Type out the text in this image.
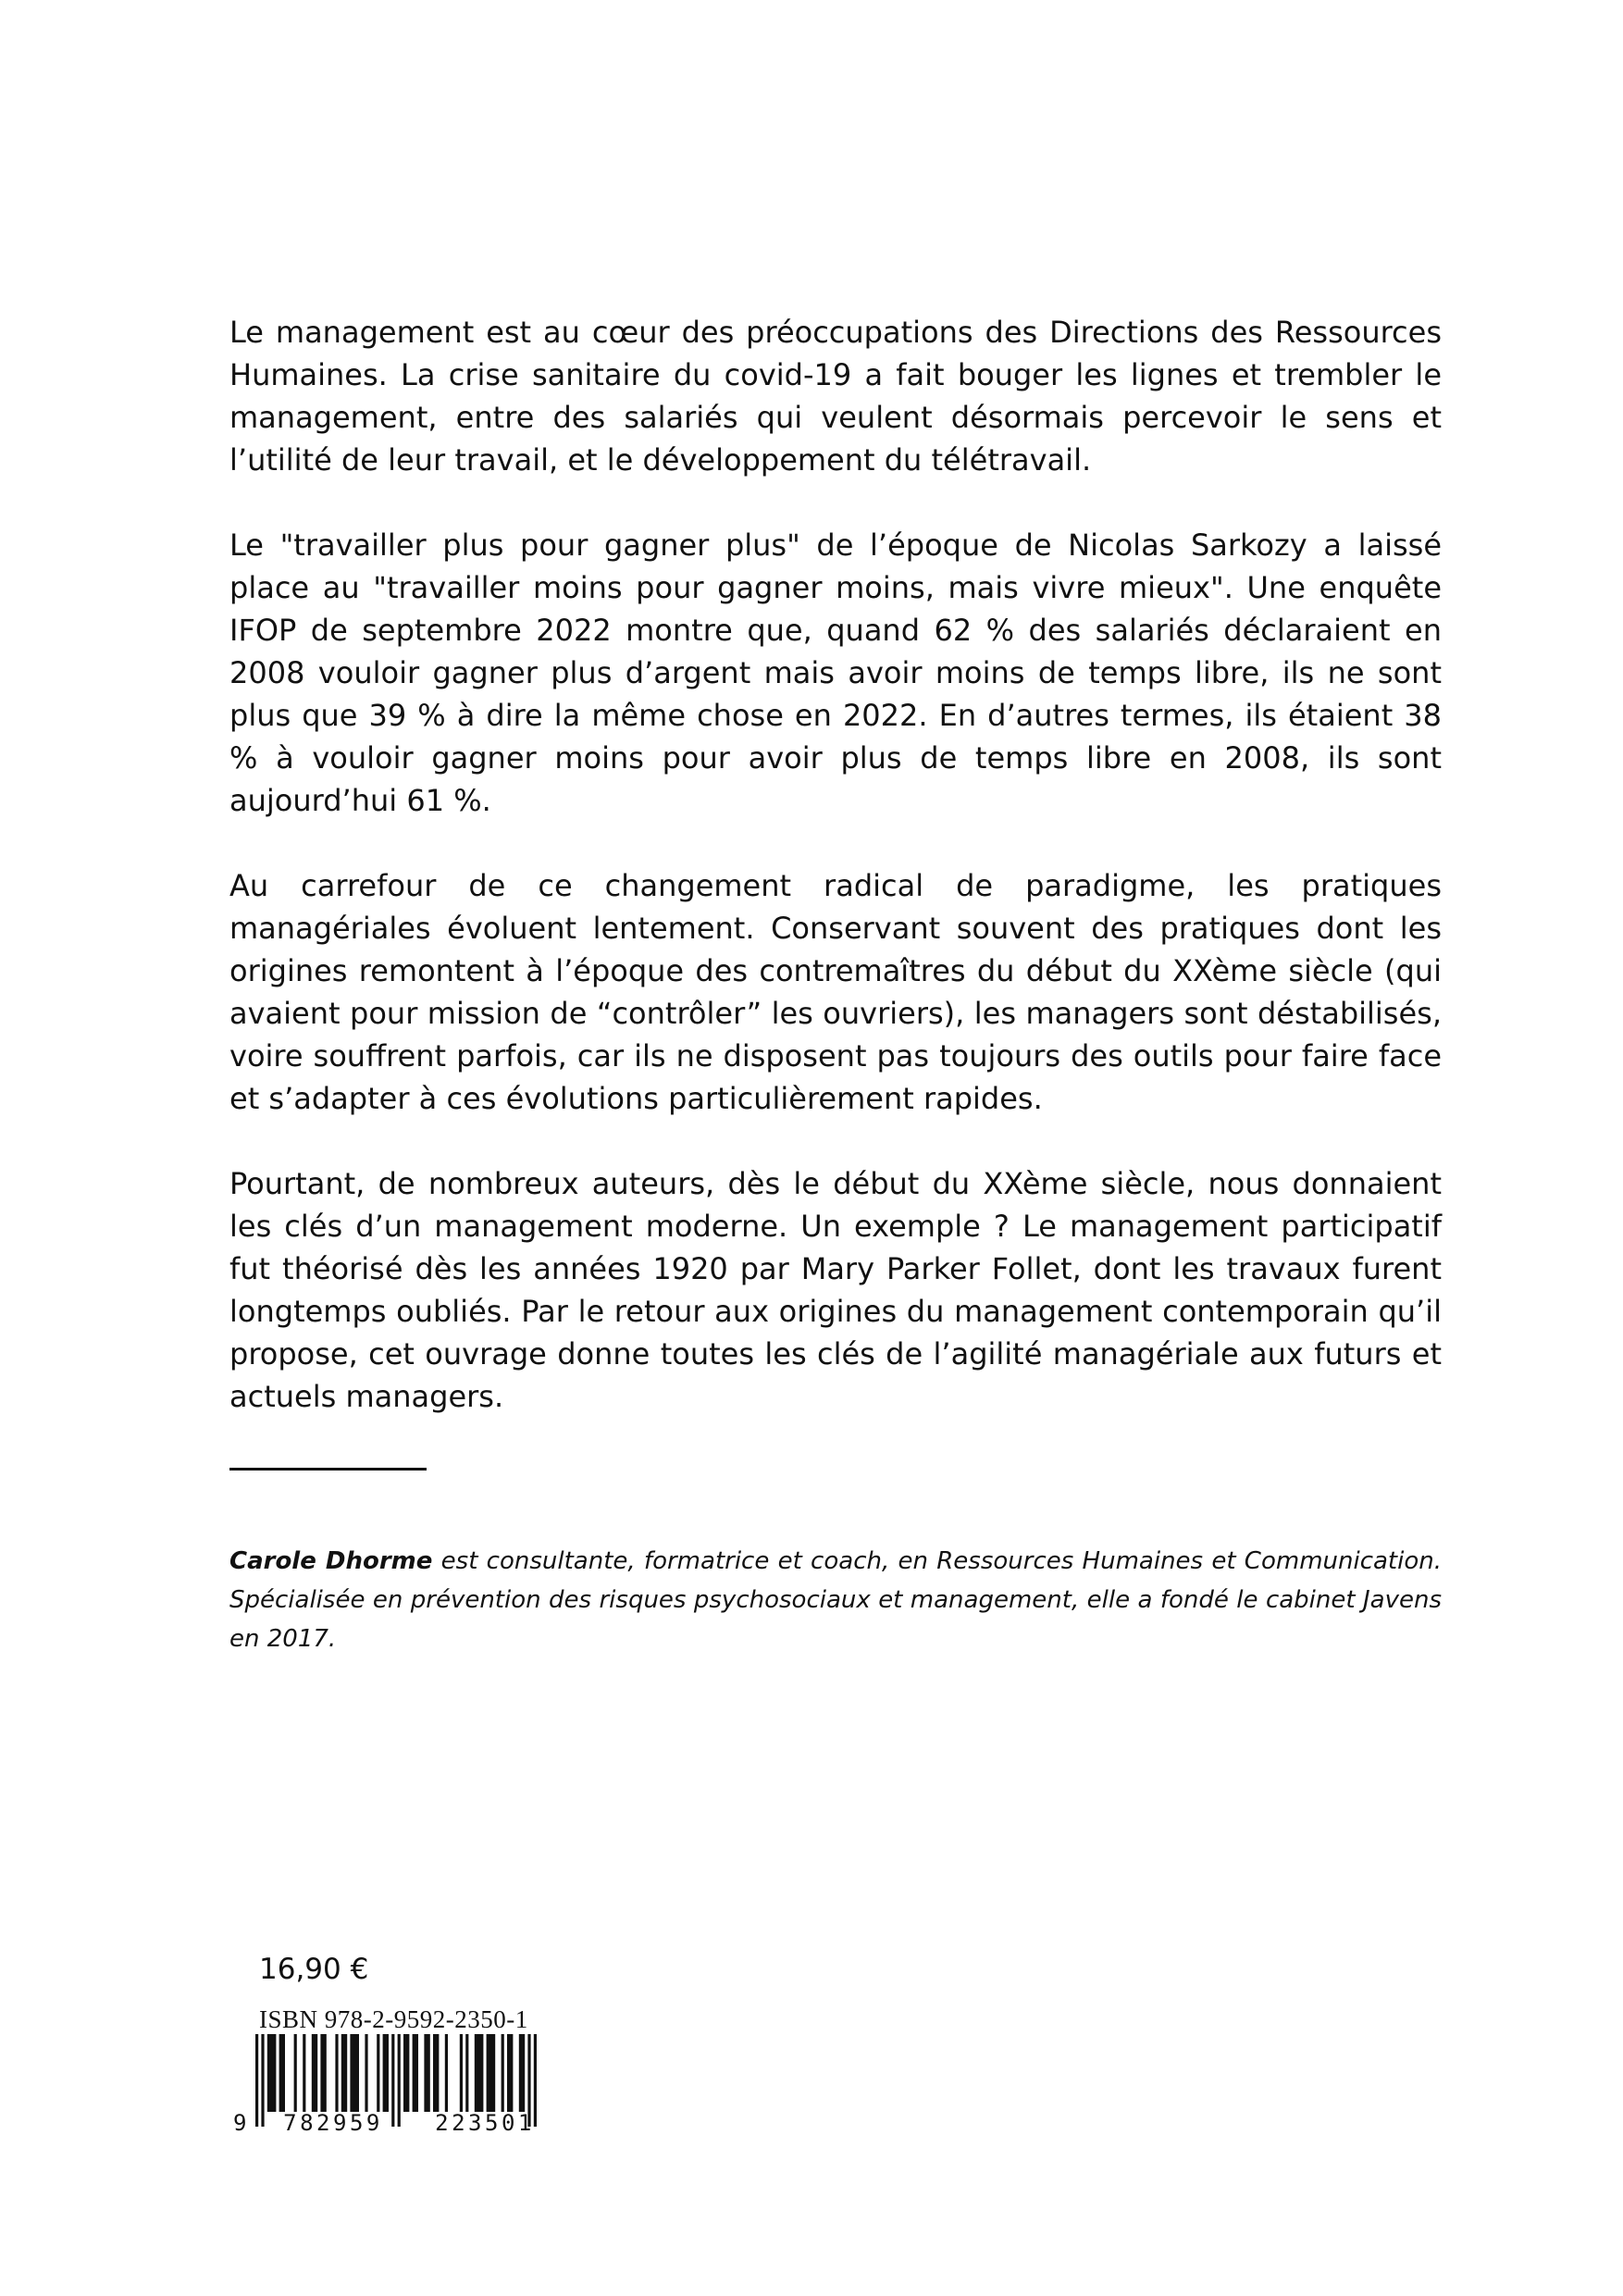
Le management est au cœur des préoccupations des Directions des Ressources Humaines. La crise sanitaire du covid-19 a fait bouger les lignes et trembler le management, entre des salariés qui veulent désormais percevoir le sens et l’utilité de leur travail, et le développement du télétravail.

Le "travailler plus pour gagner plus" de l’époque de Nicolas Sarkozy a laissé place au "travailler moins pour gagner moins, mais vivre mieux". Une enquête IFOP de septembre 2022 montre que, quand 62 % des salariés déclaraient en 2008 vouloir gagner plus d’argent mais avoir moins de temps libre, ils ne sont plus que 39 % à dire la même chose en 2022. En d’autres termes, ils étaient 38 % à vouloir gagner moins pour avoir plus de temps libre en 2008, ils sont aujourd’hui 61 %.

Au carrefour de ce changement radical de paradigme, les pratiques managériales évoluent lentement. Conservant souvent des pratiques dont les origines remontent à l’époque des contremaîtres du début du XXème siècle (qui avaient pour mission de “contrôler” les ouvriers), les managers sont déstabilisés, voire souffrent parfois, car ils ne disposent pas toujours des outils pour faire face et s’adapter à ces évolutions particulièrement rapides.

Pourtant, de nombreux auteurs, dès le début du XXème siècle, nous donnaient les clés d’un management moderne. Un exemple ? Le management participatif fut théorisé dès les années 1920 par Mary Parker Follet, dont les travaux furent longtemps oubliés. Par le retour aux origines du management contemporain qu’il propose, cet ouvrage donne toutes les clés de l’agilité managériale aux futurs et actuels managers.

Carole Dhorme est consultante, formatrice et coach, en Ressources Humaines et Communication. Spécialisée en prévention des risques psychosociaux et management, elle a fondé le cabinet Javens en 2017.
16,90 €
ISBN 978-2-9592-2350-1
9 782959 223501
